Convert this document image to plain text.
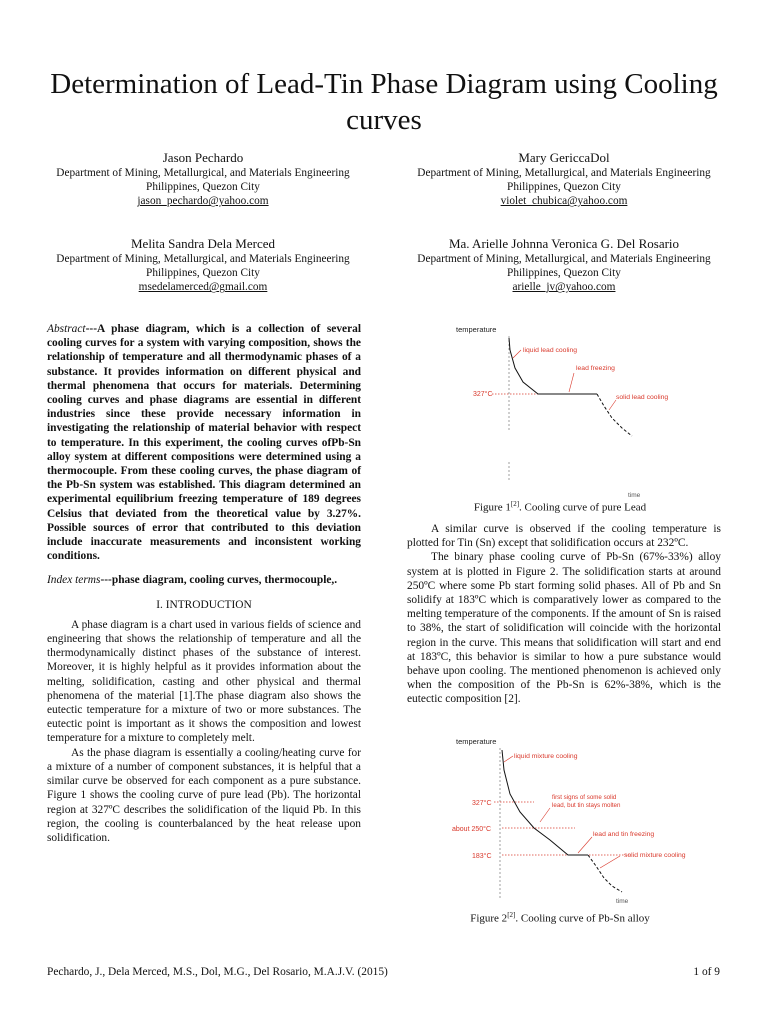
Determination of Lead-Tin Phase Diagram using Cooling curves
Jason Pechardo
Department of Mining, Metallurgical, and Materials Engineering
Philippines, Quezon City
jason_pechardo@yahoo.com
Mary GericcaDol
Department of Mining, Metallurgical, and Materials Engineering
Philippines, Quezon City
violet_chubica@yahoo.com
Melita Sandra Dela Merced
Department of Mining, Metallurgical, and Materials Engineering
Philippines, Quezon City
msedelamerced@gmail.com
Ma. Arielle Johnna Veronica G. Del Rosario
Department of Mining, Metallurgical, and Materials Engineering
Philippines, Quezon City
arielle_jv@yahoo.com

Abstract---A phase diagram, which is a collection of several cooling curves for a system with varying composition, shows the relationship of temperature and all thermodynamic phases of a substance. It provides information on different physical and thermal phenomena that occurs for materials. Determining cooling curves and phase diagrams are essential in different industries since these provide necessary information in investigating the relationship of material behavior with respect to temperature. In this experiment, the cooling curves ofPb-Sn alloy system at different compositions were determined using a thermocouple. From these cooling curves, the phase diagram of the Pb-Sn system was established. This diagram determined an experimental equilibrium freezing temperature of 189 degrees Celsius that deviated from the theoretical value by 3.27%. Possible sources of error that contributed to this deviation include inaccurate measurements and inconsistent working conditions.

Index terms---phase diagram, cooling curves, thermocouple,.

I. INTRODUCTION

A phase diagram is a chart used in various fields of science and engineering that shows the relationship of temperature and all the thermodynamically distinct phases of the substance of interest. Moreover, it is highly helpful as it provides information about the melting, solidification, casting and other physical and thermal phenomena of the material [1].The phase diagram also shows the eutectic temperature for a mixture of two or more substances. The eutectic point is important as it shows the composition and lowest temperature for a mixture to completely melt.

As the phase diagram is essentially a cooling/heating curve for a mixture of a number of component substances, it is helpful that a similar curve be observed for each component as a pure substance. Figure 1 shows the cooling curve of pure lead (Pb). The horizontal region at 327ºC describes the solidification of the liquid Pb. In this region, the cooling is counterbalanced by the heat release upon solidification.

temperature
time
327°C
liquid lead cooling
lead freezing
solid lead cooling
Figure 1[2]. Cooling curve of pure Lead

A similar curve is observed if the cooling temperature is plotted for Tin (Sn) except that solidification occurs at 232ºC.

The binary phase cooling curve of Pb-Sn (67%-33%) alloy system at is plotted in Figure 2. The solidification starts at around 250ºC where some Pb start forming solid phases. All of Pb and Sn solidify at 183ºC which is comparatively lower as compared to the melting temperature of the components. If the amount of Sn is raised to 38%, the start of solidification will coincide with the horizontal region in the curve. This means that solidification will start and end at 183ºC, this behavior is similar to how a pure substance would behave upon cooling. The mentioned phenomenon is achieved only when the composition of the Pb-Sn is 62%-38%, which is the eutectic composition [2].

temperature
time
327°C
about 250°C
183°C
liquid mixture cooling
first signs of some solid
lead, but tin stays molten
lead and tin freezing
solid mixture cooling
Figure 2[2]. Cooling curve of Pb-Sn alloy
Pechardo, J., Dela Merced, M.S., Dol, M.G., Del Rosario, M.A.J.V. (2015)	1 of 9
